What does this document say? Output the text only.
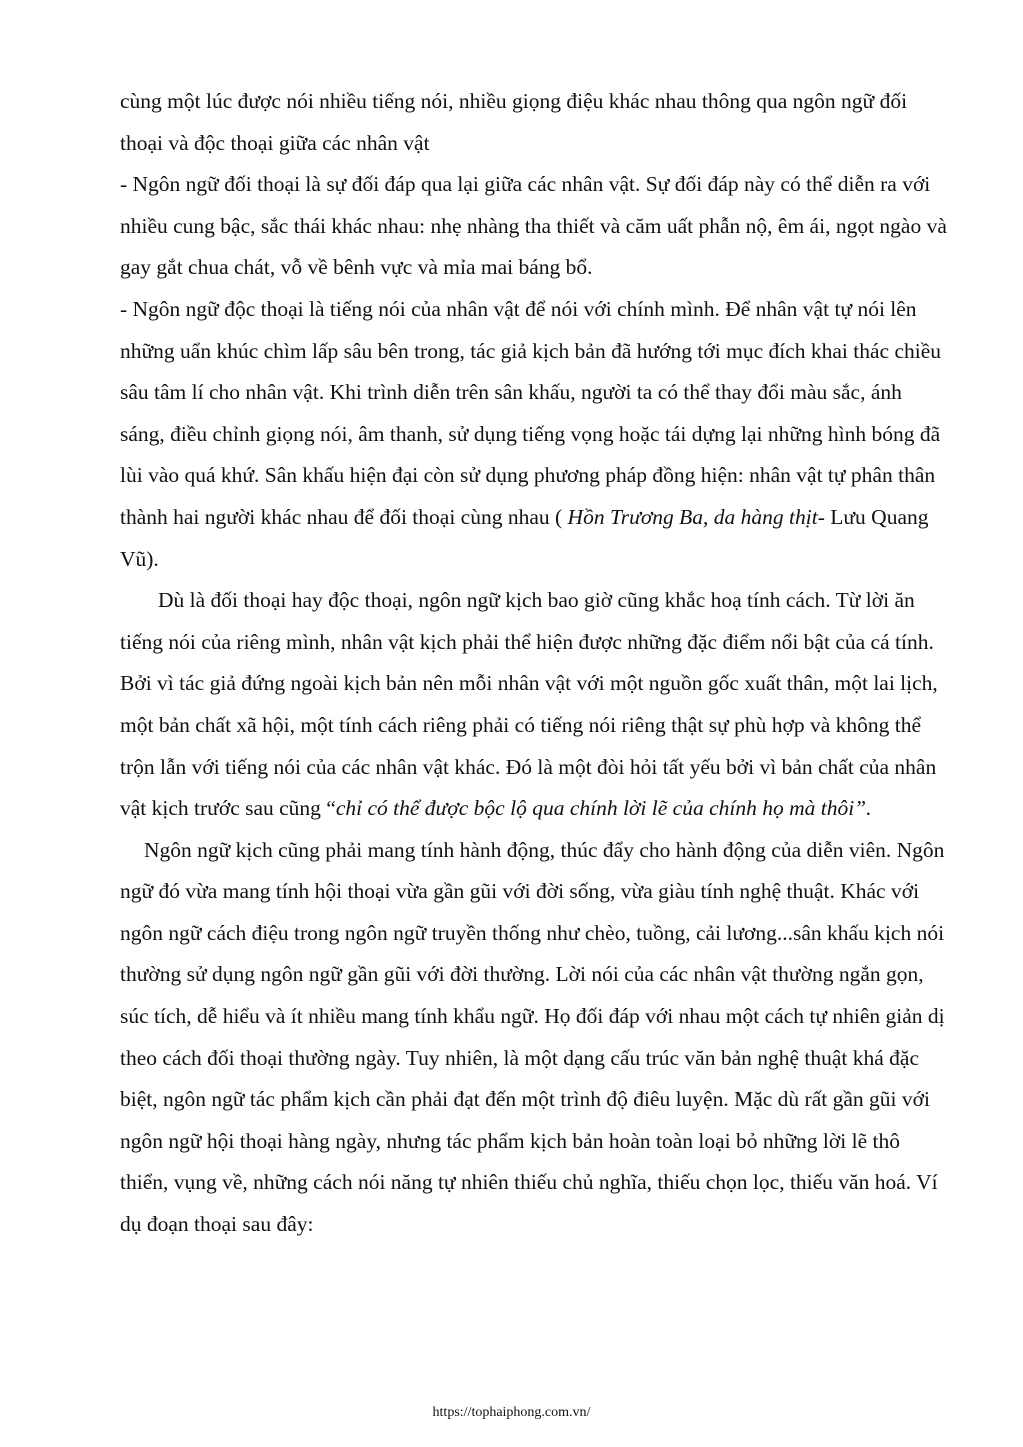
cùng một lúc được nói nhiều tiếng nói, nhiều giọng điệu khác nhau thông qua ngôn ngữ đối thoại và độc thoại giữa các nhân vật

- Ngôn ngữ đối thoại là sự đối đáp qua lại giữa các nhân vật. Sự đối đáp này có thể diễn ra với nhiều cung bậc, sắc thái khác nhau: nhẹ nhàng tha thiết và căm uất phẫn nộ, êm ái, ngọt ngào và gay gắt chua chát, vỗ về bênh vực và mỉa mai báng bổ.

- Ngôn ngữ độc thoại là tiếng nói của nhân vật để nói với chính mình. Để nhân vật tự nói lên những uẩn khúc chìm lấp sâu bên trong, tác giả kịch bản đã hướng tới mục đích khai thác chiều sâu tâm lí cho nhân vật. Khi trình diễn trên sân khấu, người ta có thể thay đổi màu sắc, ánh sáng, điều chỉnh giọng nói, âm thanh, sử dụng tiếng vọng hoặc tái dựng lại những hình bóng đã lùi vào quá khứ. Sân khấu hiện đại còn sử dụng phương pháp đồng hiện: nhân vật tự phân thân thành hai người khác nhau để đối thoại cùng nhau ( Hồn Trương Ba, da hàng thịt- Lưu Quang Vũ).

Dù là đối thoại hay độc thoại, ngôn ngữ kịch bao giờ cũng khắc hoạ tính cách. Từ lời ăn tiếng nói của riêng mình, nhân vật kịch phải thể hiện được những đặc điểm nổi bật của cá tính. Bởi vì tác giả đứng ngoài kịch bản nên mỗi nhân vật với một nguồn gốc xuất thân, một lai lịch, một bản chất xã hội, một tính cách riêng phải có tiếng nói riêng thật sự phù hợp và không thể trộn lẫn với tiếng nói của các nhân vật khác. Đó là một đòi hỏi tất yếu bởi vì bản chất của nhân vật kịch trước sau cũng “chỉ có thể được bộc lộ qua chính lời lẽ của chính họ mà thôi”.

Ngôn ngữ kịch cũng phải mang tính hành động, thúc đẩy cho hành động của diễn viên. Ngôn ngữ đó vừa mang tính hội thoại vừa gần gũi với đời sống, vừa giàu tính nghệ thuật. Khác với ngôn ngữ cách điệu trong ngôn ngữ truyền thống như chèo, tuồng, cải lương...sân khấu kịch nói thường sử dụng ngôn ngữ gần gũi với đời thường. Lời nói của các nhân vật thường ngắn gọn, súc tích, dễ hiểu và ít nhiều mang tính khẩu ngữ. Họ đối đáp với nhau một cách tự nhiên giản dị theo cách đối thoại thường ngày. Tuy nhiên, là một dạng cấu trúc văn bản nghệ thuật khá đặc biệt, ngôn ngữ tác phẩm kịch cần phải đạt đến một trình độ điêu luyện. Mặc dù rất gần gũi với ngôn ngữ hội thoại hàng ngày, nhưng tác phẩm kịch bản hoàn toàn loại bỏ những lời lẽ thô thiển, vụng về, những cách nói năng tự nhiên thiếu chủ nghĩa, thiếu chọn lọc, thiếu văn hoá. Ví dụ đoạn thoại sau đây:

https://tophaiphong.com.vn/
